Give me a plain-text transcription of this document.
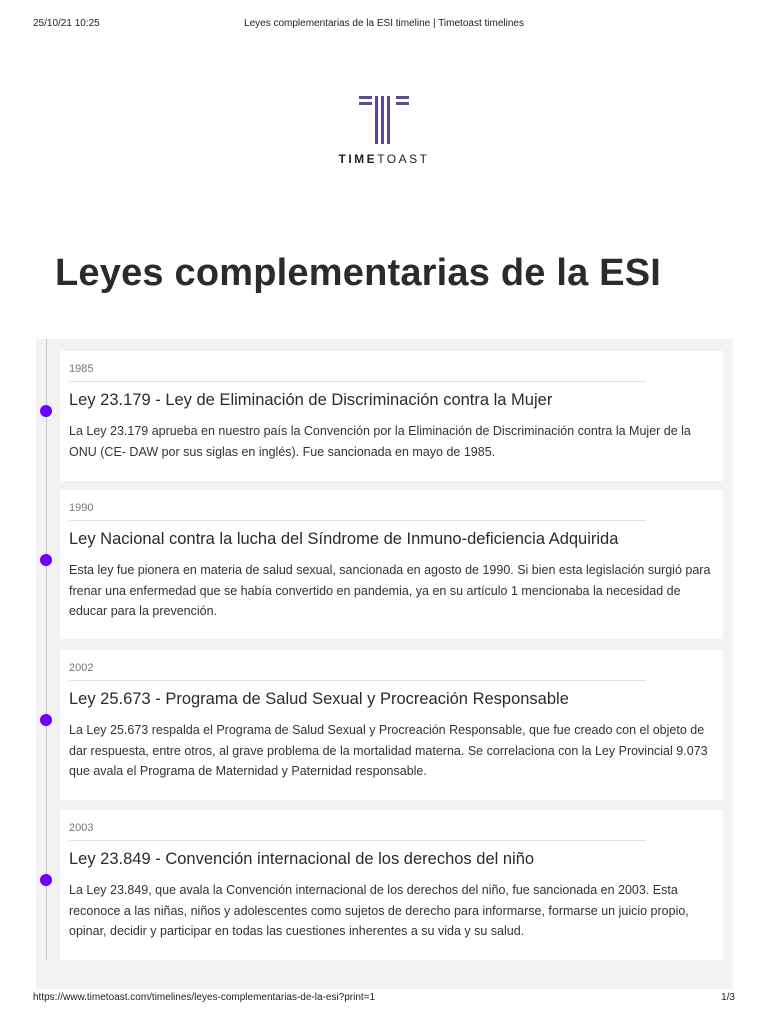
25/10/21 10:25	Leyes complementarias de la ESI timeline | Timetoast timelines
TIMETOAST
Leyes complementarias de la ESI
1985
Ley 23.179 - Ley de Eliminación de Discriminación contra la Mujer

La Ley 23.179 aprueba en nuestro país la Convención por la Eliminación de Discriminación contra la Mujer de la ONU (CE- DAW por sus siglas en inglés). Fue sancionada en mayo de 1985.

1990
Ley Nacional contra la lucha del Síndrome de Inmuno-deficiencia Adquirida

Esta ley fue pionera en materia de salud sexual, sancionada en agosto de 1990. Si bien esta legislación surgió para frenar una enfermedad que se había convertido en pandemia, ya en su artículo 1 mencionaba la necesidad de educar para la prevención.

2002
Ley 25.673 - Programa de Salud Sexual y Procreación Responsable

La Ley 25.673 respalda el Programa de Salud Sexual y Procreación Responsable, que fue creado con el objeto de dar respuesta, entre otros, al grave problema de la mortalidad materna. Se correlaciona con la Ley Provincial 9.073 que avala el Programa de Maternidad y Paternidad responsable.

2003
Ley 23.849 - Convención internacional de los derechos del niño

La Ley 23.849, que avala la Convención internacional de los derechos del niño, fue sancionada en 2003. Esta reconoce a las niñas, niños y adolescentes como sujetos de derecho para informarse, formarse un juicio propio, opinar, decidir y participar en todas las cuestiones inherentes a su vida y su salud.

https://www.timetoast.com/timelines/leyes-complementarias-de-la-esi?print=1	1/3
